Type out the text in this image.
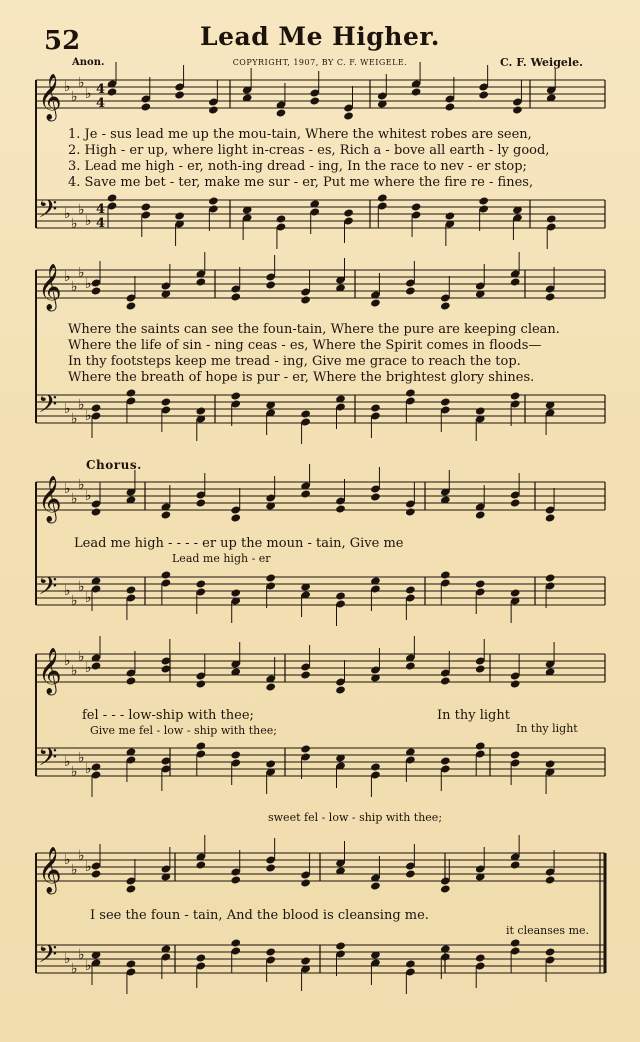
52	Lead Me Higher.
Anon.	COPYRIGHT, 1907, BY C. F. WEIGELE.	C. F. Weigele.
𝄞 ♭
♭
♭
♭
𝄢 ♭
♭
♭
♭
4
4
4
4
𝄞 ♭
♭
♭
♭
𝄢 ♭
♭
♭
♭
𝄞 ♭
♭
♭
♭
𝄢 ♭
♭
♭
♭
𝄞 ♭
♭
♭
♭
𝄢 ♭
♭
♭
♭
𝄞 ♭
♭
♭
♭
𝄢 ♭
♭
♭
♭
1. Je - sus lead me up the mou-tain, Where the whitest robes are seen,
2. High - er up, where light in-creas - es, Rich a - bove all earth - ly good,
3. Lead me high - er, noth-ing dread - ing, In the race to nev - er stop;
4. Save me bet - ter, make me sur - er, Put me where the fire re - fines,
Where the saints can see the foun-tain, Where the pure are keeping clean.
Where the life of sin - ning ceas - es, Where the Spirit comes in floods—
In thy footsteps keep me tread - ing, Give me grace to reach the top.
Where the breath of hope is pur - er, Where the brightest glory shines.
Chorus.
Lead me high - - - - er up the moun - tain, Give me
Lead me high - er
fel - - - low-ship with thee;	In thy light
Give me fel - low - ship with thee;	In thy light
sweet fel - low - ship with thee;
I see the foun - tain, And the blood is cleansing me.
it cleanses me.
